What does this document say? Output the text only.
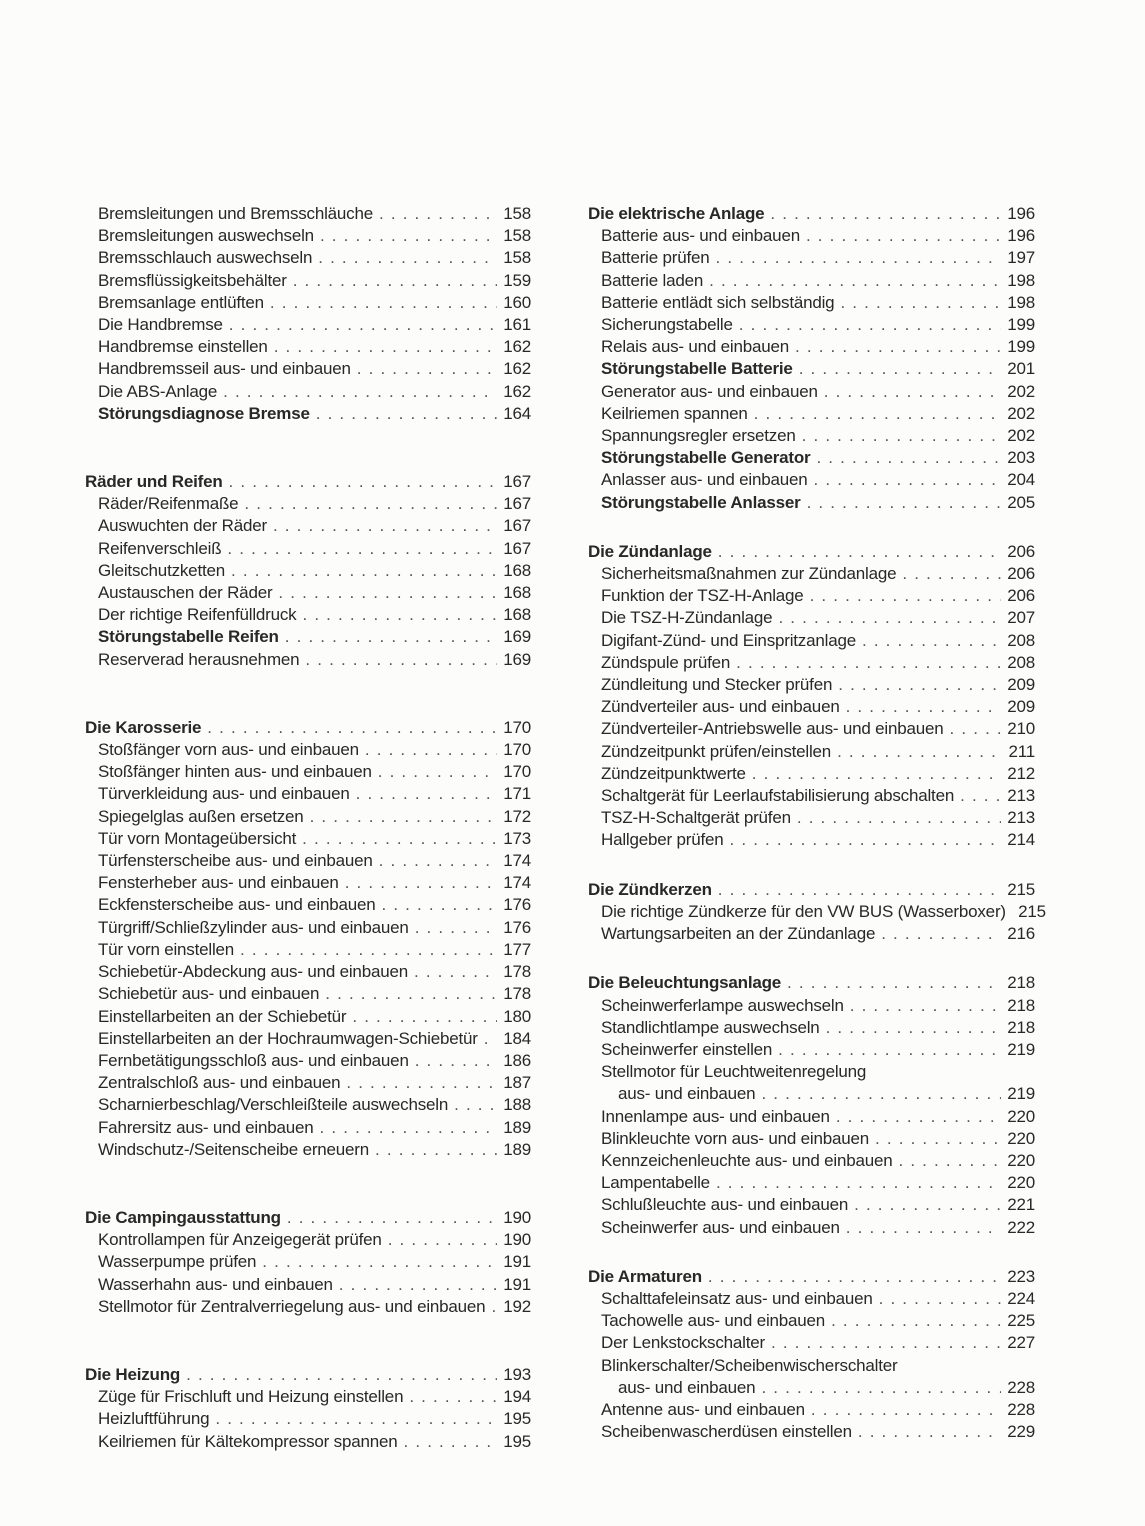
Bremsleitungen und Bremsschläuche . . .	158
Bremsleitungen auswechseln . . .	158
Bremsschlauch auswechseln . . .	158
Bremsflüssigkeitsbehälter . . .	159
Bremsanlage entlüften . . .	160
Die Handbremse . . .	161
Handbremse einstellen . . .	162
Handbremsseil aus- und einbauen . . .	162
Die ABS-Anlage . . .	162
Störungsdiagnose Bremse . . .	164
Räder und Reifen . . .	167
Räder/Reifenmaße . . .	167
Auswuchten der Räder . . .	167
Reifenverschleiß . . .	167
Gleitschutzketten . . .	168
Austauschen der Räder . . .	168
Der richtige Reifenfülldruck . . .	168
Störungstabelle Reifen . . .	169
Reserverad herausnehmen . . .	169
Die Karosserie . . .	170
Stoßfänger vorn aus- und einbauen . . .	170
Stoßfänger hinten aus- und einbauen . . .	170
Türverkleidung aus- und einbauen . . .	171
Spiegelglas außen ersetzen . . .	172
Tür vorn Montageübersicht . . .	173
Türfensterscheibe aus- und einbauen . . .	174
Fensterheber aus- und einbauen . . .	174
Eckfensterscheibe aus- und einbauen . . .	176
Türgriff/Schließzylinder aus- und einbauen . . .	176
Tür vorn einstellen . . .	177
Schiebetür-Abdeckung aus- und einbauen . . .	178
Schiebetür aus- und einbauen . . .	178
Einstellarbeiten an der Schiebetür . . .	180
Einstellarbeiten an der Hochraumwagen-Schiebetür . . .	184
Fernbetätigungsschloß aus- und einbauen . . .	186
Zentralschloß aus- und einbauen . . .	187
Scharnierbeschlag/Verschleißteile auswechseln . . .	188
Fahrersitz aus- und einbauen . . .	189
Windschutz-/Seitenscheibe erneuern . . .	189
Die Campingausstattung . . .	190
Kontrollampen für Anzeigegerät prüfen . . .	190
Wasserpumpe prüfen . . .	191
Wasserhahn aus- und einbauen . . .	191
Stellmotor für Zentralverriegelung aus- und einbauen . . .	192
Die Heizung . . .	193
Züge für Frischluft und Heizung einstellen . . .	194
Heizluftführung . . .	195
Keilriemen für Kältekompressor spannen . . .	195
Die elektrische Anlage . . .	196
Batterie aus- und einbauen . . .	196
Batterie prüfen . . .	197
Batterie laden . . .	198
Batterie entlädt sich selbständig . . .	198
Sicherungstabelle . . .	199
Relais aus- und einbauen . . .	199
Störungstabelle Batterie . . .	201
Generator aus- und einbauen . . .	202
Keilriemen spannen . . .	202
Spannungsregler ersetzen . . .	202
Störungstabelle Generator . . .	203
Anlasser aus- und einbauen . . .	204
Störungstabelle Anlasser . . .	205
Die Zündanlage . . .	206
Sicherheitsmaßnahmen zur Zündanlage . . .	206
Funktion der TSZ-H-Anlage . . .	206
Die TSZ-H-Zündanlage . . .	207
Digifant-Zünd- und Einspritzanlage . . .	208
Zündspule prüfen . . .	208
Zündleitung und Stecker prüfen . . .	209
Zündverteiler aus- und einbauen . . .	209
Zündverteiler-Antriebswelle aus- und einbauen . . .	210
Zündzeitpunkt prüfen/einstellen . . .	211
Zündzeitpunktwerte . . .	212
Schaltgerät für Leerlaufstabilisierung abschalten . . .	213
TSZ-H-Schaltgerät prüfen . . .	213
Hallgeber prüfen . . .	214
Die Zündkerzen . . .	215
Die richtige Zündkerze für den VW BUS (Wasserboxer) . . . 215
Wartungsarbeiten an der Zündanlage . . .	216
Die Beleuchtungsanlage . . .	218
Scheinwerferlampe auswechseln . . .	218
Standlichtlampe auswechseln . . .	218
Scheinwerfer einstellen . . .	219
Stellmotor für Leuchtweitenregelung
aus- und einbauen . . .	219
Innenlampe aus- und einbauen . . .	220
Blinkleuchte vorn aus- und einbauen . . .	220
Kennzeichenleuchte aus- und einbauen . . .	220
Lampentabelle . . .	220
Schlußleuchte aus- und einbauen . . .	221
Scheinwerfer aus- und einbauen . . .	222
Die Armaturen . . .	223
Schalttafeleinsatz aus- und einbauen . . .	224
Tachowelle aus- und einbauen . . .	225
Der Lenkstockschalter . . .	227
Blinkerschalter/Scheibenwischerschalter
aus- und einbauen . . .	228
Antenne aus- und einbauen . . .	228
Scheibenwascherdüsen einstellen . . .	229
